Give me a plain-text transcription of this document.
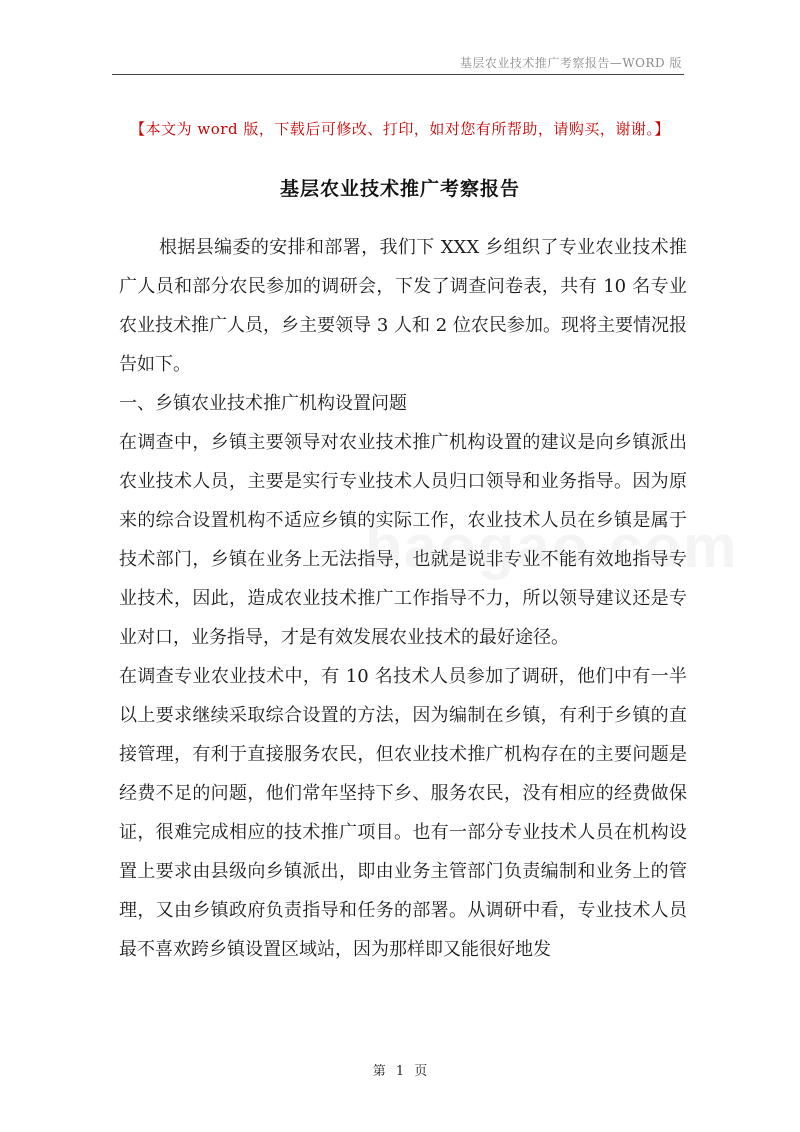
基层农业技术推广考察报告—WORD 版
【本文为 word 版，下载后可修改、打印，如对您有所帮助，请购买，谢谢。】
基层农业技术推广考察报告

根据县编委的安排和部署，我们下 XXX 乡组织了专业农业技术推广人员和部分农民参加的调研会，下发了调查问卷表，共有 10 名专业农业技术推广人员，乡主要领导 3 人和 2 位农民参加。现将主要情况报告如下。

一、乡镇农业技术推广机构设置问题

在调查中，乡镇主要领导对农业技术推广机构设置的建议是向乡镇派出农业技术人员，主要是实行专业技术人员归口领导和业务指导。因为原来的综合设置机构不适应乡镇的实际工作，农业技术人员在乡镇是属于技术部门，乡镇在业务上无法指导，也就是说非专业不能有效地指导专业技术，因此，造成农业技术推广工作指导不力，所以领导建议还是专业对口，业务指导，才是有效发展农业技术的最好途径。

在调查专业农业技术中，有 10 名技术人员参加了调研，他们中有一半以上要求继续采取综合设置的方法，因为编制在乡镇，有利于乡镇的直接管理，有利于直接服务农民，但农业技术推广机构存在的主要问题是经费不足的问题，他们常年坚持下乡、服务农民，没有相应的经费做保证，很难完成相应的技术推广项目。也有一部分专业技术人员在机构设置上要求由县级向乡镇派出，即由业务主管部门负责编制和业务上的管理，又由乡镇政府负责指导和任务的部署。从调研中看，专业技术人员最不喜欢跨乡镇设置区域站，因为那样即又能很好地发

第 1 页
